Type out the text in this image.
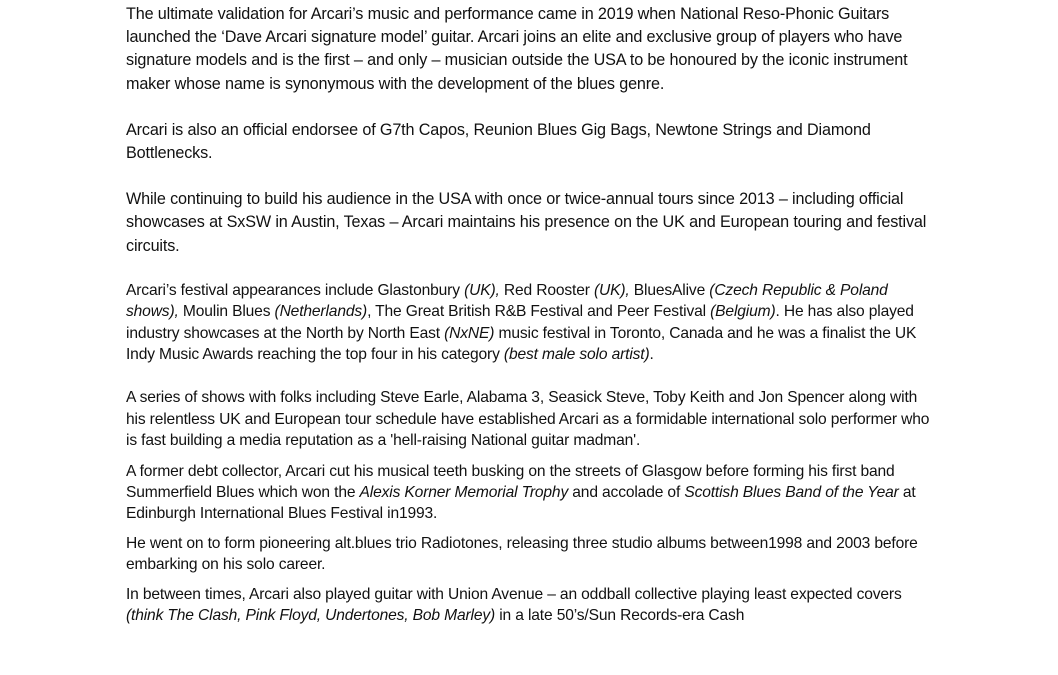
The ultimate validation for Arcari’s music and performance came in 2019 when National Reso-Phonic Guitars launched the ‘Dave Arcari signature model’ guitar. Arcari joins an elite and exclusive group of players who have signature models and is the first – and only – musician outside the USA to be honoured by the iconic instrument maker whose name is synonymous with the development of the blues genre.

Arcari is also an official endorsee of G7th Capos, Reunion Blues Gig Bags, Newtone Strings and Diamond Bottlenecks.

While continuing to build his audience in the USA with once or twice-annual tours since 2013 – including official showcases at SxSW in Austin, Texas – Arcari maintains his presence on the UK and European touring and festival circuits.

Arcari’s festival appearances include Glastonbury (UK), Red Rooster (UK), BluesAlive (Czech Republic & Poland shows), Moulin Blues (Netherlands), The Great British R&B Festival and Peer Festival (Belgium). He has also played industry showcases at the North by North East (NxNE) music festival in Toronto, Canada and he was a finalist the UK Indy Music Awards reaching the top four in his category (best male solo artist).

A series of shows with folks including Steve Earle, Alabama 3, Seasick Steve, Toby Keith and Jon Spencer along with his relentless UK and European tour schedule have established Arcari as a formidable international solo performer who is fast building a media reputation as a 'hell-raising National guitar madman'.

A former debt collector, Arcari cut his musical teeth busking on the streets of Glasgow before forming his first band Summerfield Blues which won the Alexis Korner Memorial Trophy and accolade of Scottish Blues Band of the Year at Edinburgh International Blues Festival in1993.

He went on to form pioneering alt.blues trio Radiotones, releasing three studio albums between1998 and 2003 before embarking on his solo career.

In between times, Arcari also played guitar with Union Avenue – an oddball collective playing least expected covers (think The Clash, Pink Floyd, Undertones, Bob Marley) in a late 50’s/Sun Records-era Cash
